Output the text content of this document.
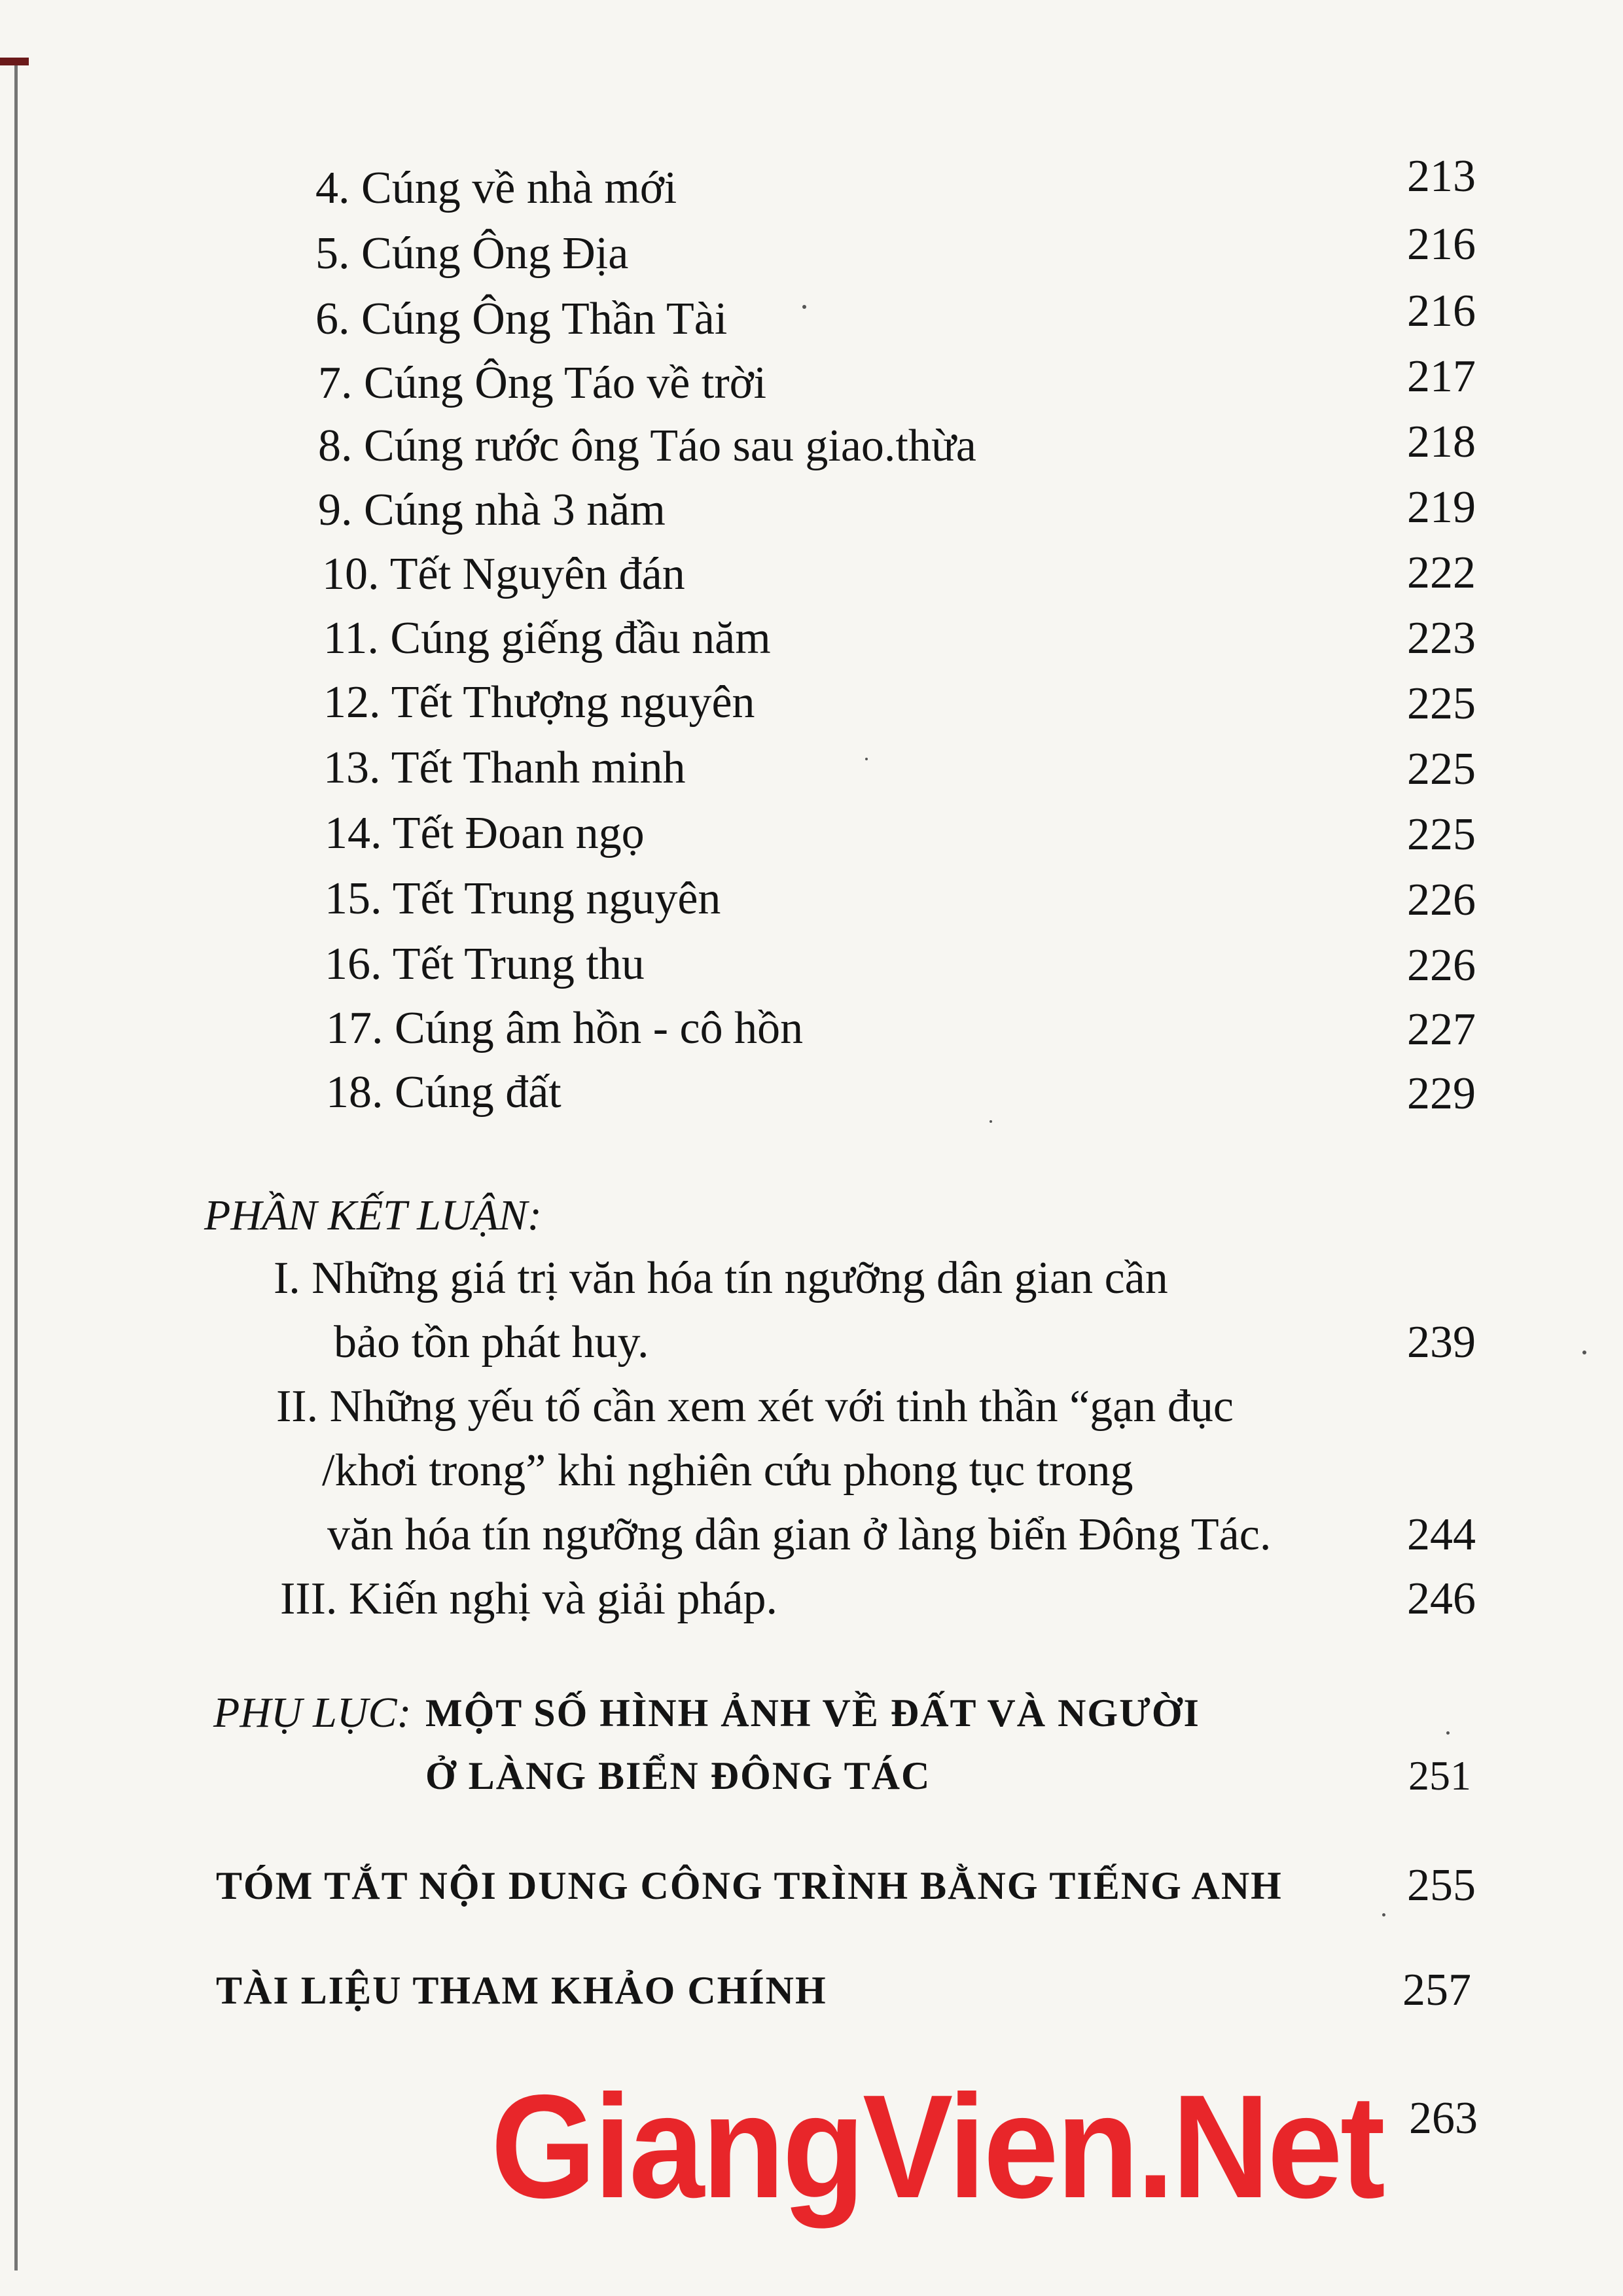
4. Cúng về nhà mới	213
5. Cúng Ông Địa	216
6. Cúng Ông Thần Tài	216
7. Cúng Ông Táo về trời	217
8. Cúng rước ông Táo sau giao.thừa	218
9. Cúng nhà 3 năm	219
10. Tết Nguyên đán	222
11. Cúng giếng đầu năm	223
12. Tết Thượng nguyên	225
13. Tết Thanh minh	225
14. Tết Đoan ngọ	225
15. Tết Trung nguyên	226
16. Tết Trung thu	226
17. Cúng âm hồn - cô hồn	227
18. Cúng đất	229
PHẦN KẾT LUẬN:
I. Những giá trị văn hóa tín ngưỡng dân gian cần
bảo tồn phát huy.	239
II. Những yếu tố cần xem xét với tinh thần “gạn đục
/khơi trong” khi nghiên cứu phong tục trong
văn hóa tín ngưỡng dân gian ở làng biển Đông Tác.	244
III. Kiến nghị và giải pháp.	246
PHỤ LỤC: MỘT SỐ HÌNH ẢNH VỀ ĐẤT VÀ NGƯỜI
Ở LÀNG BIỂN ĐÔNG TÁC	251
TÓM TẮT NỘI DUNG CÔNG TRÌNH BẰNG TIẾNG ANH	255
TÀI LIỆU THAM KHẢO CHÍNH	257
GiangVien.Net 263
